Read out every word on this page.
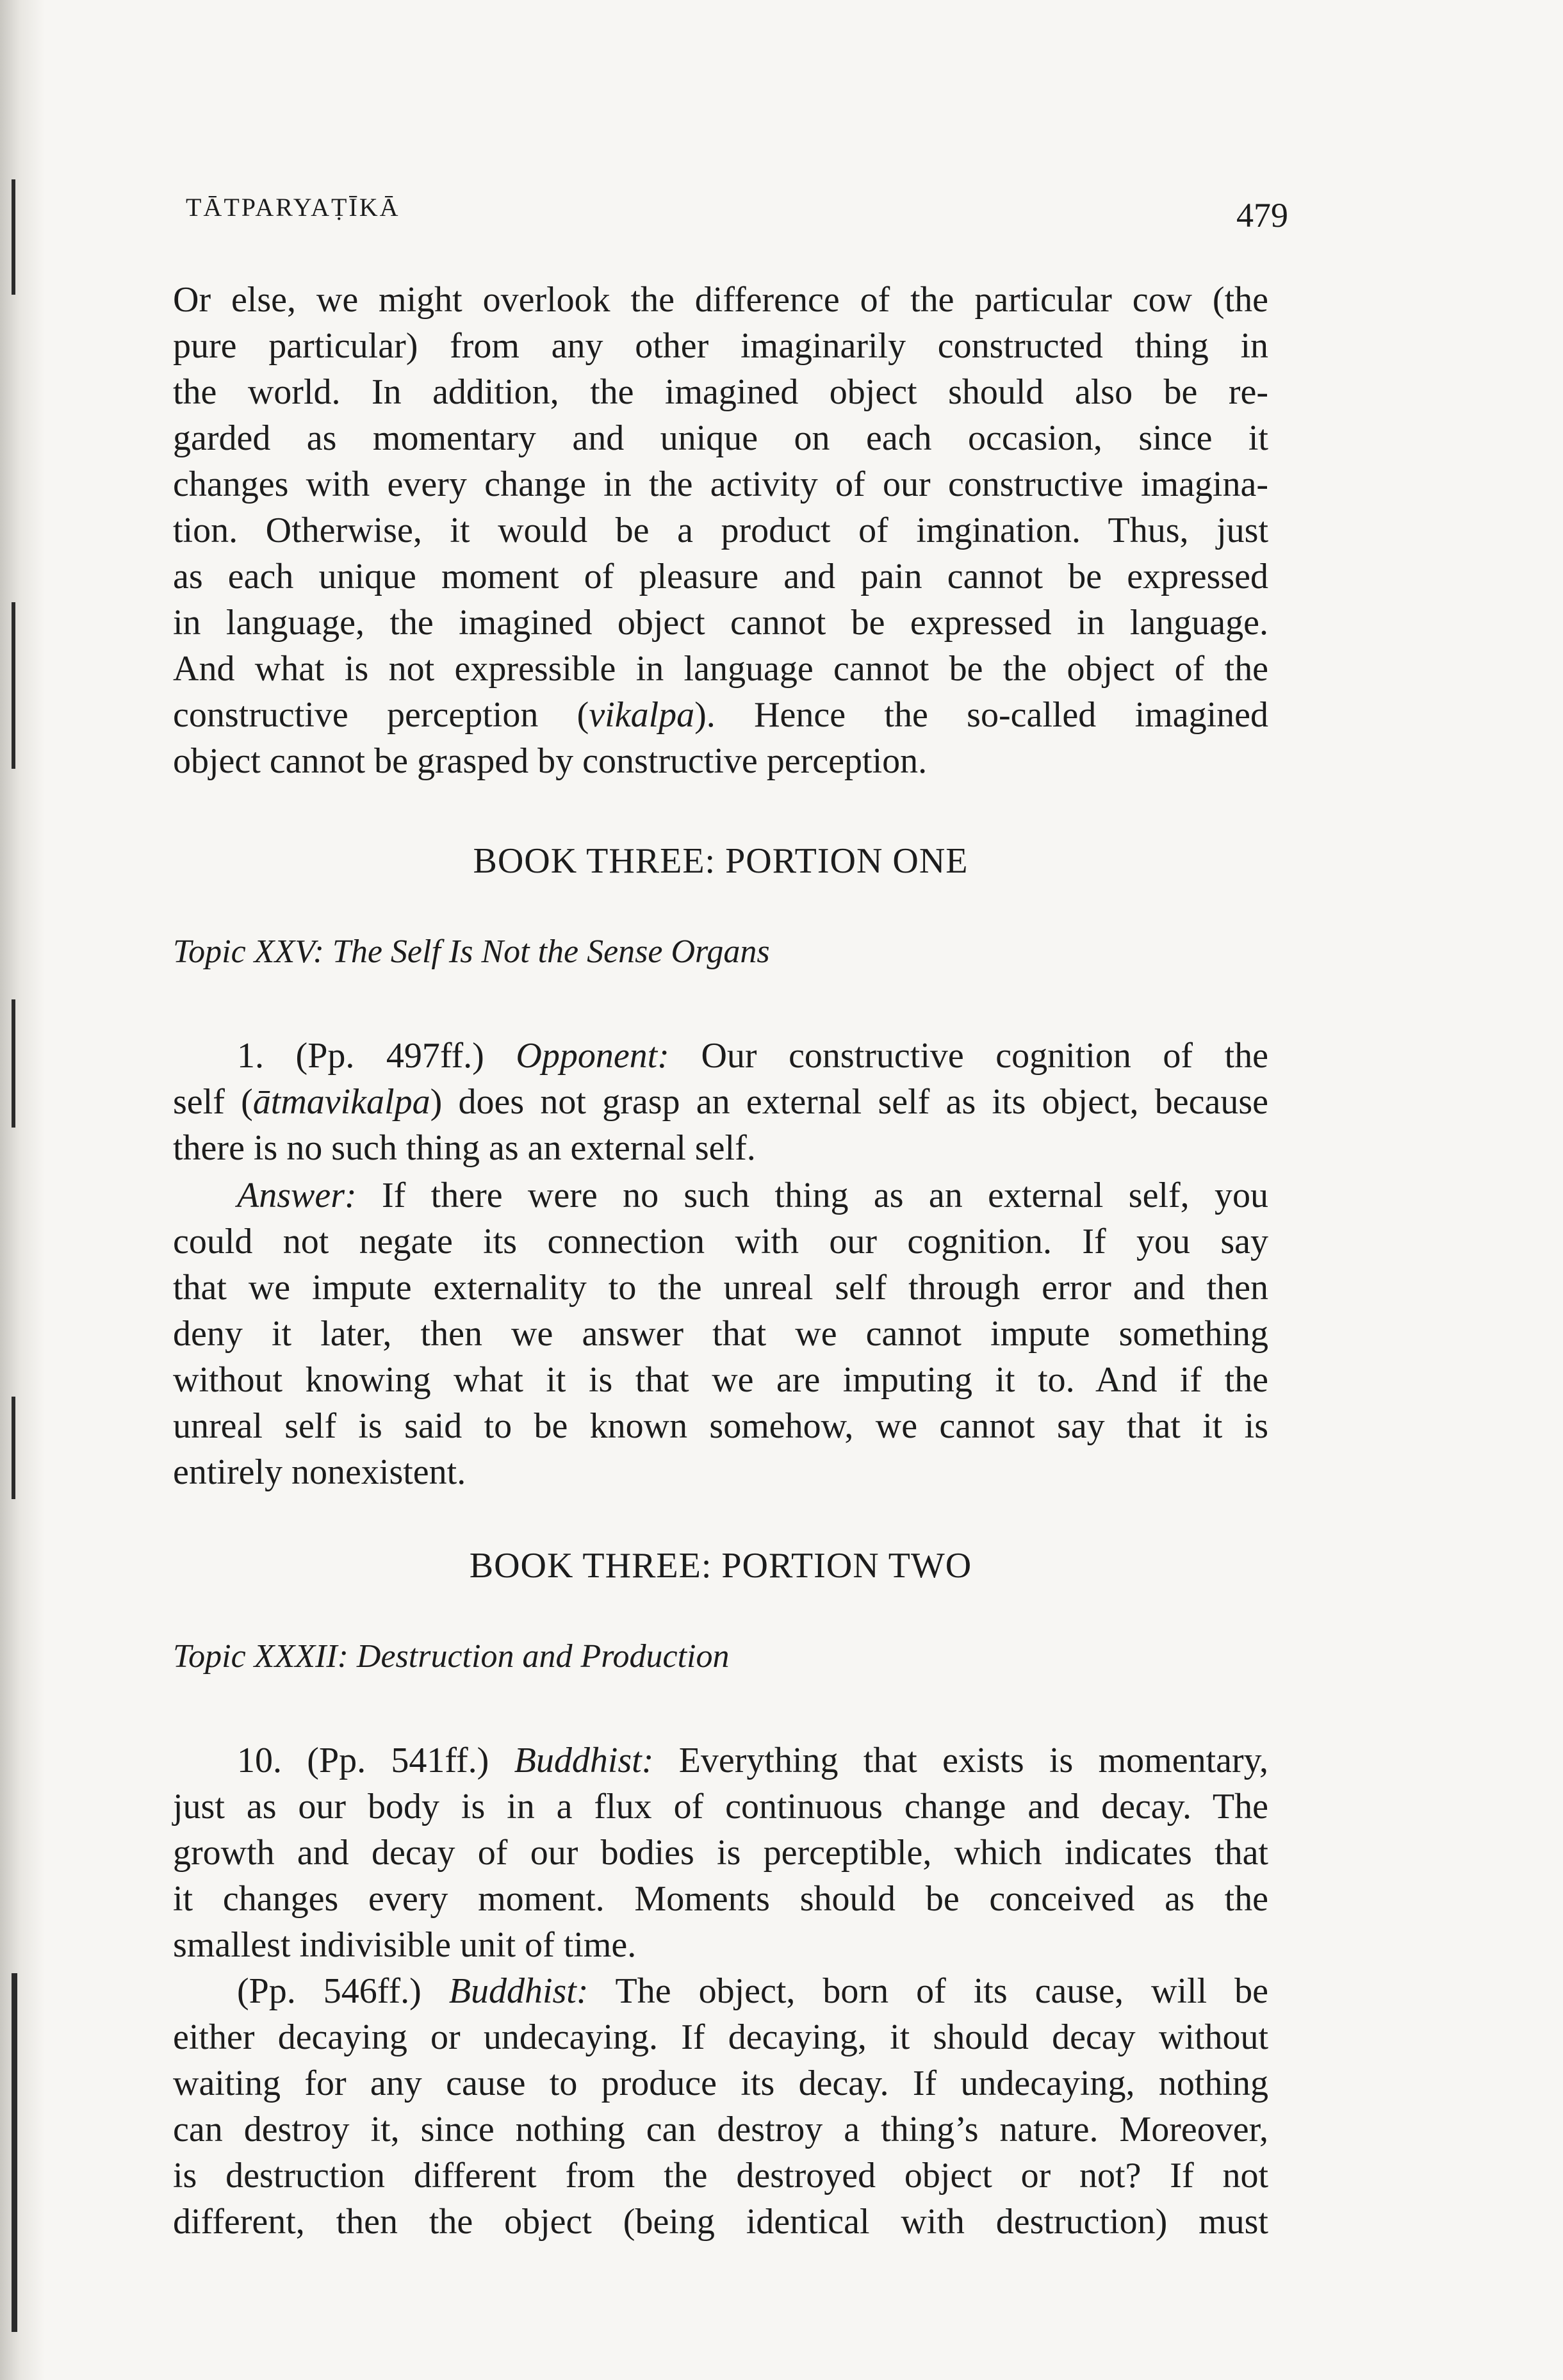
TĀTPARYAṬĪKĀ	479
Or else, we might overlook the difference of the particular cow (the
pure particular) from any other imaginarily constructed thing in
the world. In addition, the imagined object should also be re-
garded as momentary and unique on each occasion, since it
changes with every change in the activity of our constructive imagina-
tion. Otherwise, it would be a product of imgination. Thus, just
as each unique moment of pleasure and pain cannot be expressed
in language, the imagined object cannot be expressed in language.
And what is not expressible in language cannot be the object of the
constructive perception (vikalpa). Hence the so-called imagined
object cannot be grasped by constructive perception.
BOOK THREE: PORTION ONE
Topic XXV: The Self Is Not the Sense Organs
1. (Pp. 497ff.) Opponent: Our constructive cognition of the
self (ātmavikalpa) does not grasp an external self as its object, because
there is no such thing as an external self.
Answer: If there were no such thing as an external self, you
could not negate its connection with our cognition. If you say
that we impute externality to the unreal self through error and then
deny it later, then we answer that we cannot impute something
without knowing what it is that we are imputing it to. And if the
unreal self is said to be known somehow, we cannot say that it is
entirely nonexistent.
BOOK THREE: PORTION TWO
Topic XXXII: Destruction and Production
10. (Pp. 541ff.) Buddhist: Everything that exists is momentary,
just as our body is in a flux of continuous change and decay. The
growth and decay of our bodies is perceptible, which indicates that
it changes every moment. Moments should be conceived as the
smallest indivisible unit of time.
(Pp. 546ff.) Buddhist: The object, born of its cause, will be
either decaying or undecaying. If decaying, it should decay without
waiting for any cause to produce its decay. If undecaying, nothing
can destroy it, since nothing can destroy a thing’s nature. Moreover,
is destruction different from the destroyed object or not? If not
different, then the object (being identical with destruction) must
